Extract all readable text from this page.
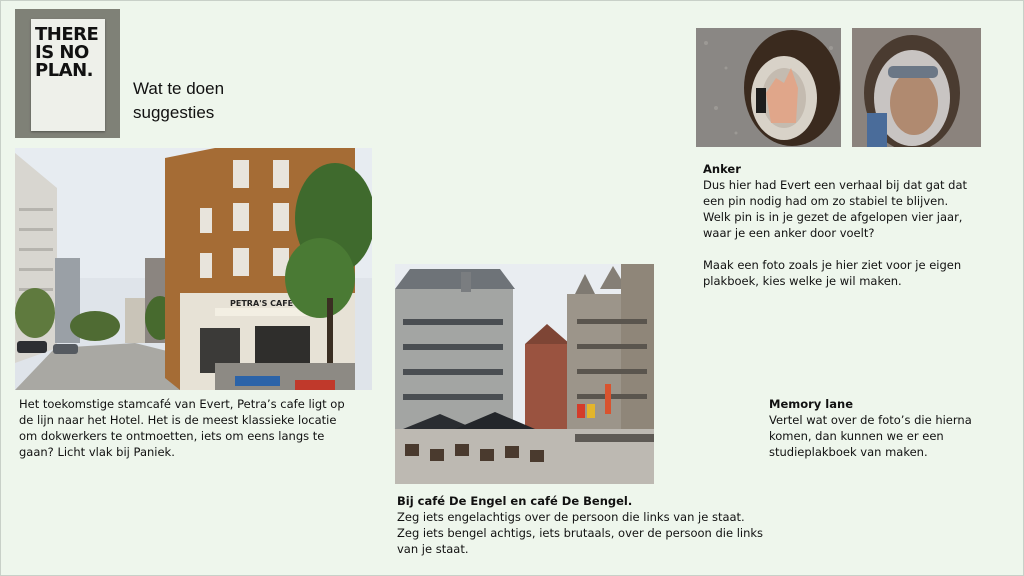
THERE
IS NO
PLAN.
Wat te doen
suggesties
PETRA'S CAFE
Het toekomstige stamcafé van Evert, Petra’s cafe ligt op
de lijn naar het Hotel. Het is de meest klassieke locatie
om dokwerkers te ontmoetten, iets om eens langs te
gaan? Licht vlak bij Paniek.
Bij café De Engel en café De Bengel.
Zeg iets engelachtigs over de persoon die links van je staat.
Zeg iets bengel achtigs, iets brutaals, over de persoon die links
van je staat.
Anker
Dus hier had Evert een verhaal bij dat gat dat
een pin nodig had om zo stabiel te blijven.
Welk pin is in je gezet de afgelopen vier jaar,
waar je een anker door voelt?
Maak een foto zoals je hier ziet voor je eigen
plakboek, kies welke je wil maken.
Memory lane
Vertel wat over de foto’s die hierna
komen, dan kunnen we er een
studieplakboek van maken.
